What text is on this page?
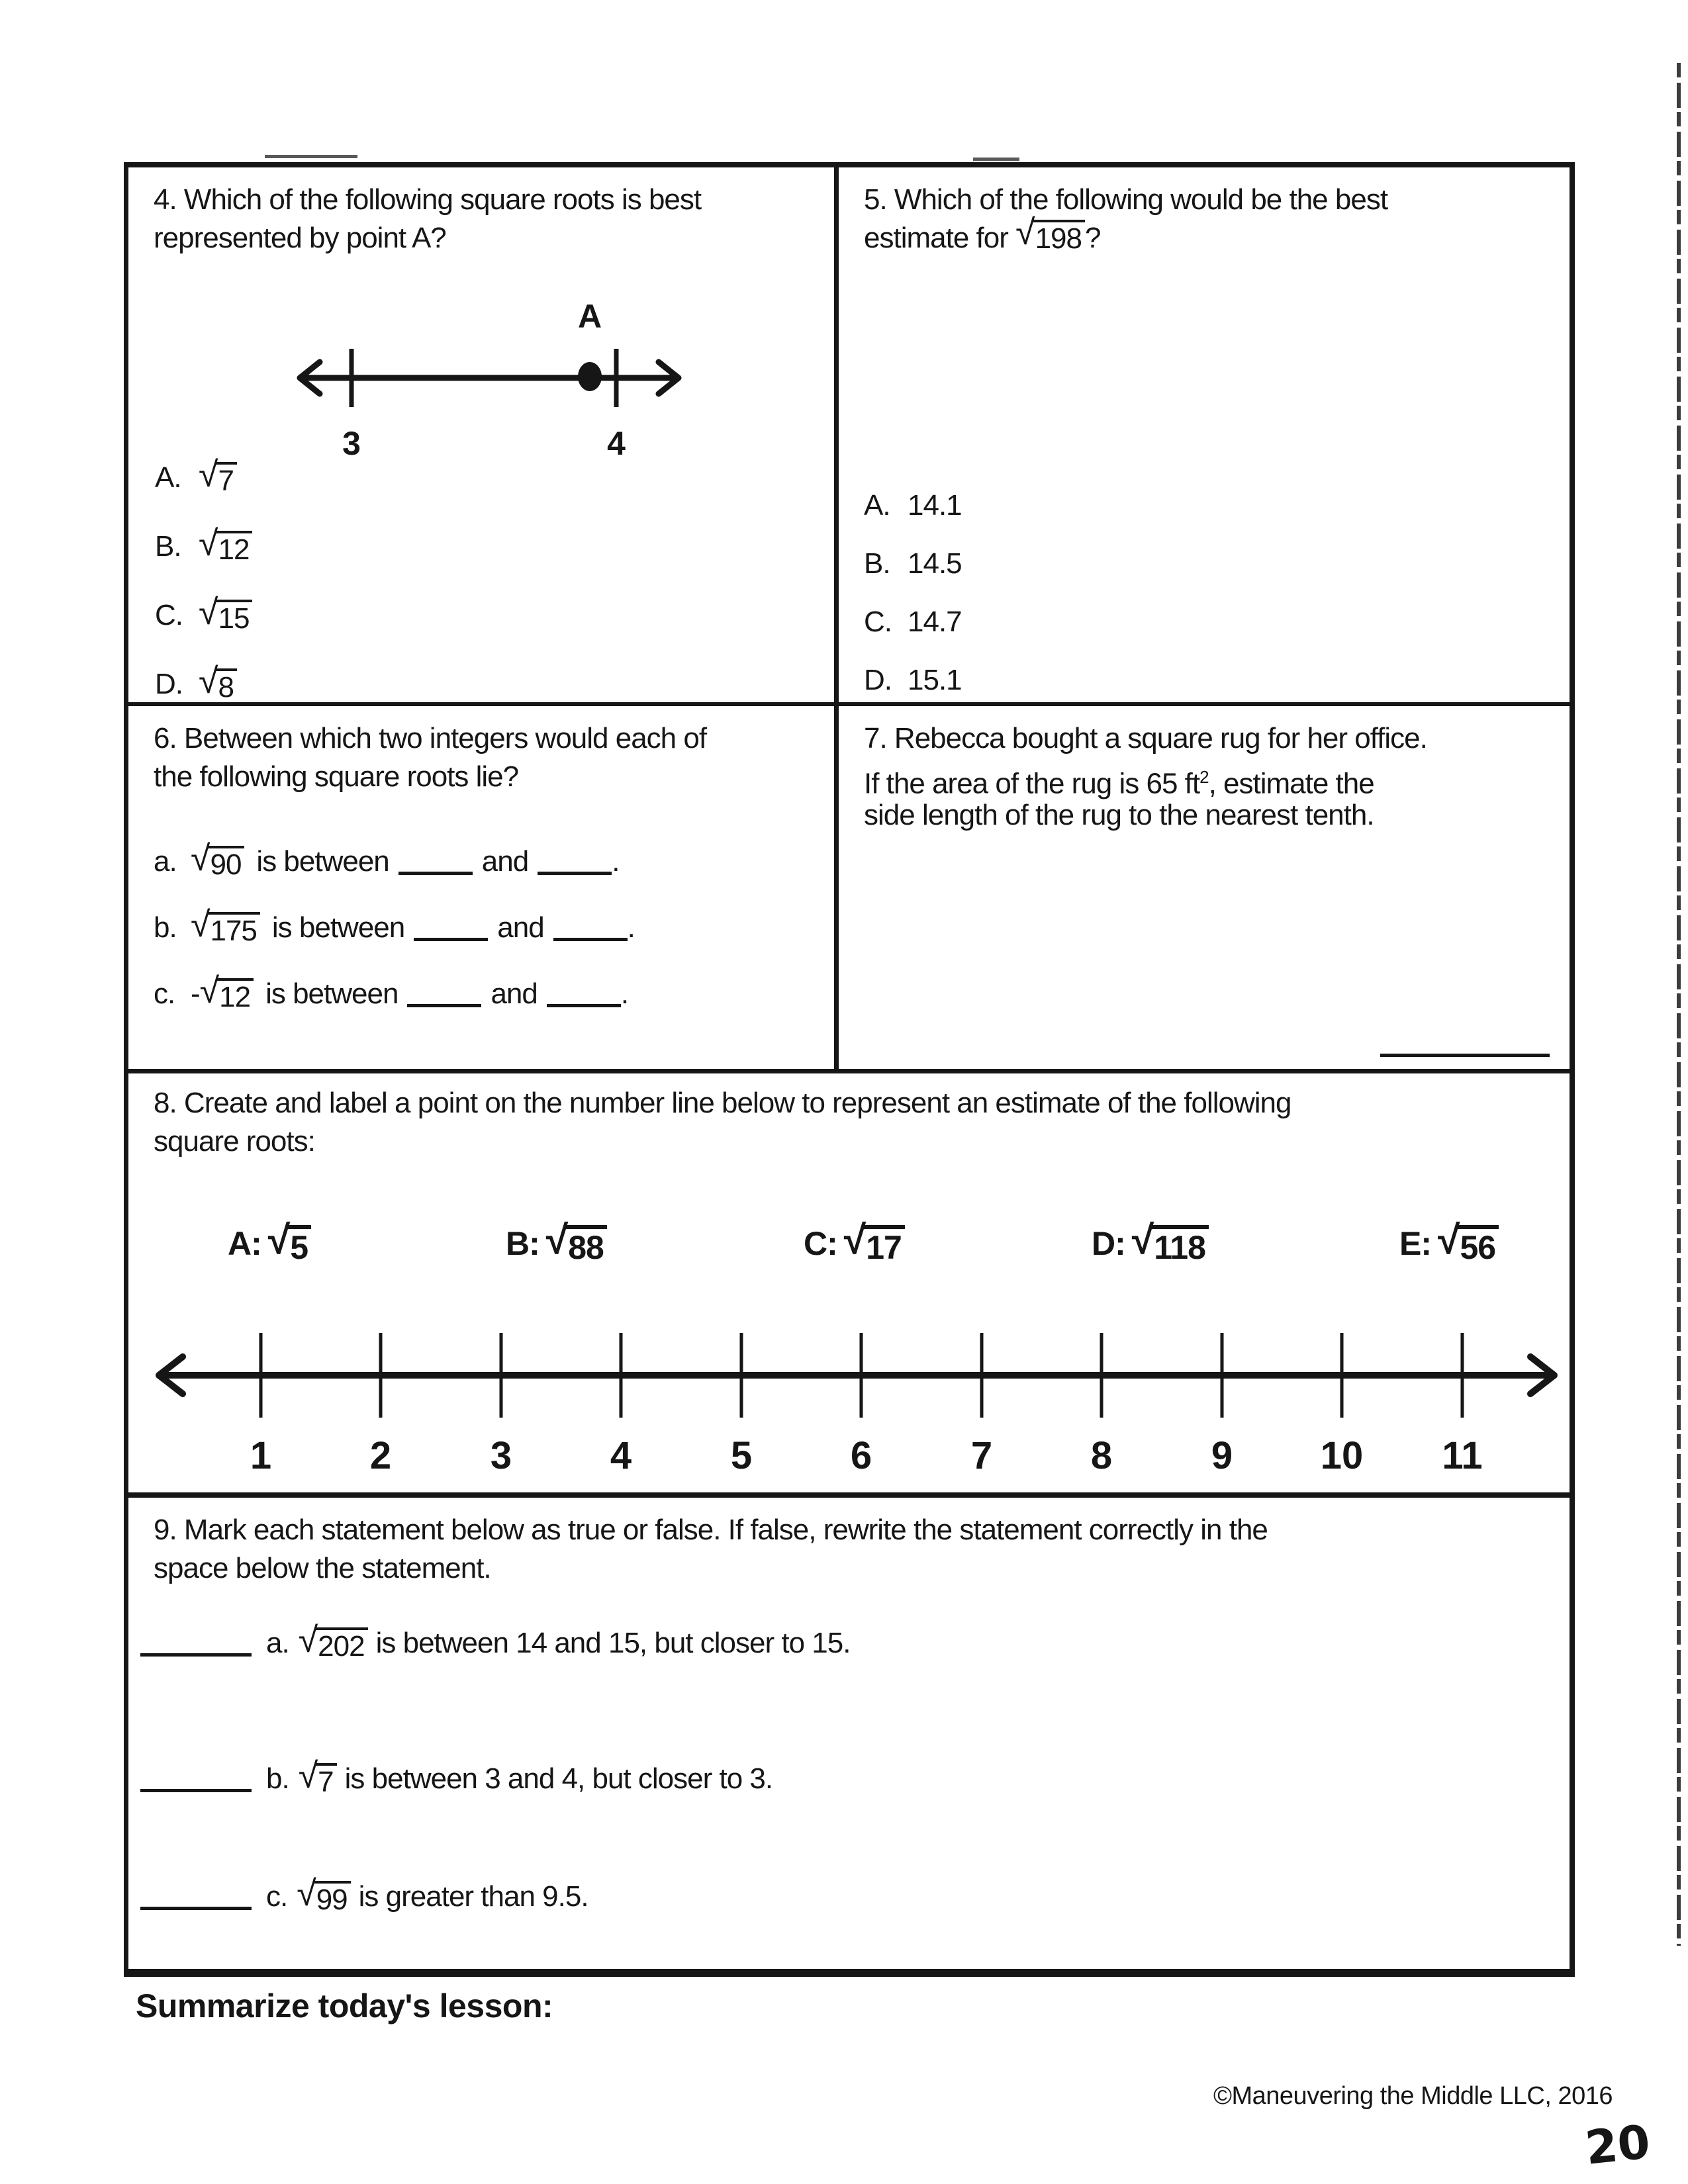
4. Which of the following square roots is best
represented by point A?
A
3	4
A. √7
B. √12
C. √15
D. √8
5. Which of the following would be the best
estimate for √198 ?
A. 14.1
B. 14.5
C. 14.7
D. 15.1
6. Between which two integers would each of
the following square roots lie?
a. √90 is between	and	.
b. √175 is between	and	.
c. -√12 is between	and	.
7. Rebecca bought a square rug for her office.
If the area of the rug is 65 $ft^2$, estimate the
side length of the rug to the nearest tenth.
8. Create and label a point on the number line below to represent an estimate of the following
square roots:
A: √5	B: √88	C: √17	D: √118	E: √56
1	2	3	4	5	6	7	8	9	10 11
9. Mark each statement below as true or false. If false, rewrite the statement correctly in the
space below the statement.
a. √202 is between 14 and 15, but closer to 15.
b. √7 is between 3 and 4, but closer to 3.
c. √99 is greater than 9.5.
Summarize today's lesson:
©Maneuvering the Middle LLC, 2016
20
